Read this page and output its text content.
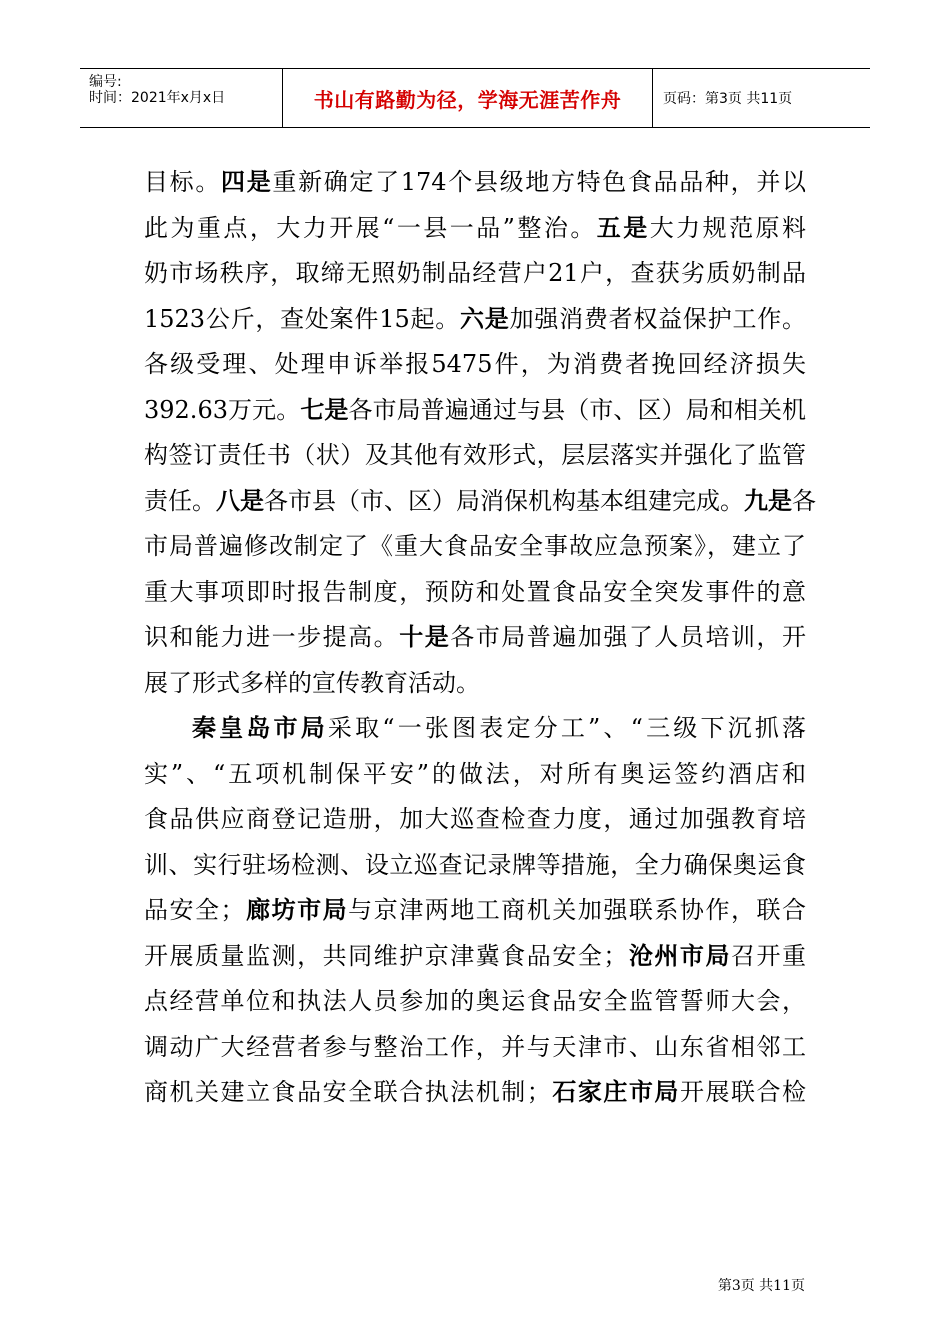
编号:
时间：2021年x月x日	书山有路勤为径，学海无涯苦作舟	页码：第3页 共11页

目标。四是重新确定了174个县级地方特色食品品种，并以

此为重点，大力开展“一县一品”整治。五是大力规范原料

奶市场秩序，取缔无照奶制品经营户21户，查获劣质奶制品

1523公斤，查处案件15起。六是加强消费者权益保护工作。

各级受理、处理申诉举报5475件，为消费者挽回经济损失

392.63万元。七是各市局普遍通过与县（市、区）局和相关机

构签订责任书（状）及其他有效形式，层层落实并强化了监管

责任。八是各市县（市、区）局消保机构基本组建完成。九是各

市局普遍修改制定了《重大食品安全事故应急预案》，建立了

重大事项即时报告制度，预防和处置食品安全突发事件的意

识和能力进一步提高。十是各市局普遍加强了人员培训，开

展了形式多样的宣传教育活动。

秦皇岛市局采取“一张图表定分工”、“三级下沉抓落

实”、“五项机制保平安”的做法，对所有奥运签约酒店和

食品供应商登记造册，加大巡查检查力度，通过加强教育培

训、实行驻场检测、设立巡查记录牌等措施，全力确保奥运食

品安全；廊坊市局与京津两地工商机关加强联系协作，联合

开展质量监测，共同维护京津冀食品安全；沧州市局召开重

点经营单位和执法人员参加的奥运食品安全监管誓师大会，

调动广大经营者参与整治工作，并与天津市、山东省相邻工

商机关建立食品安全联合执法机制；石家庄市局开展联合检

第3页 共11页
